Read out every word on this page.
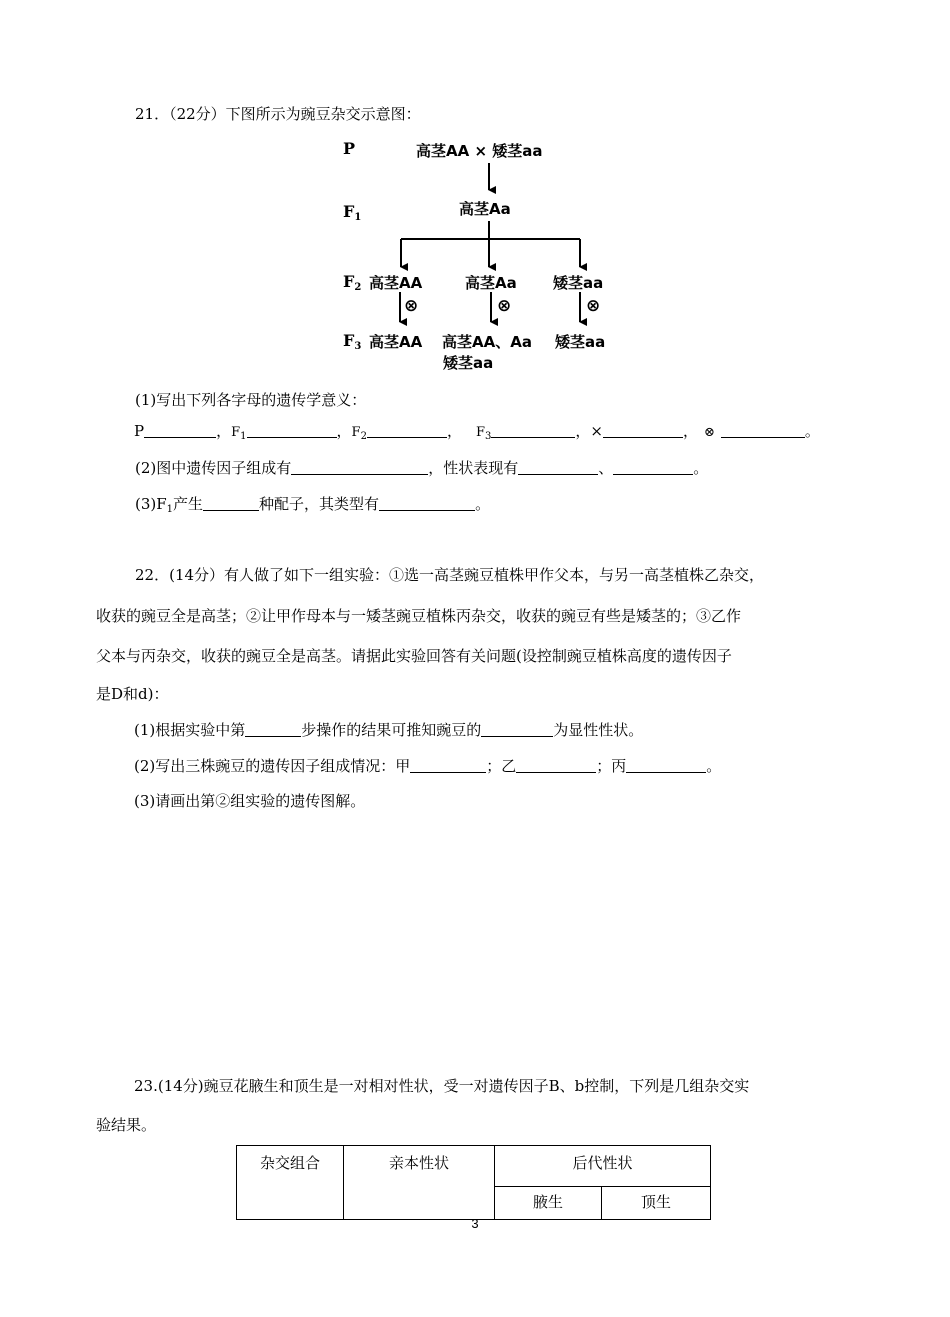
21．（22分）下图所示为豌豆杂交示意图：
P
$F_1$
$F_2$
$F_3$
高茎AA × 矮茎aa
高茎Aa
高茎AA	高茎Aa 矮茎aa
⊗	⊗	⊗
高茎AA 高茎AA、Aa
矮茎aa
矮茎aa
(1)写出下列各字母的遗传学意义：
P	，$F_1$	，$F_2$	， $F_3$	，×	， ⊗	。
(2)图中遗传因子组成有	，性状表现有	、	。
$(3)F_1$产生	种配子，其类型有	。
22．(14分）有人做了如下一组实验：①选一高茎豌豆植株甲作父本，与另一高茎植株乙杂交，
收获的豌豆全是高茎；②让甲作母本与一矮茎豌豆植株丙杂交，收获的豌豆有些是矮茎的；③乙作
父本与丙杂交，收获的豌豆全是高茎。请据此实验回答有关问题(设控制豌豆植株高度的遗传因子
是D和d)：
(1)根据实验中第	步操作的结果可推知豌豆的	为显性性状。
(2)写出三株豌豆的遗传因子组成情况：甲	；乙	；丙	。
(3)请画出第②组实验的遗传图解。
23.(14分)豌豆花腋生和顶生是一对相对性状，受一对遗传因子B、b控制，下列是几组杂交实
验结果。
杂交组合	亲本性状	后代性状	
		腋生	顶生
3
